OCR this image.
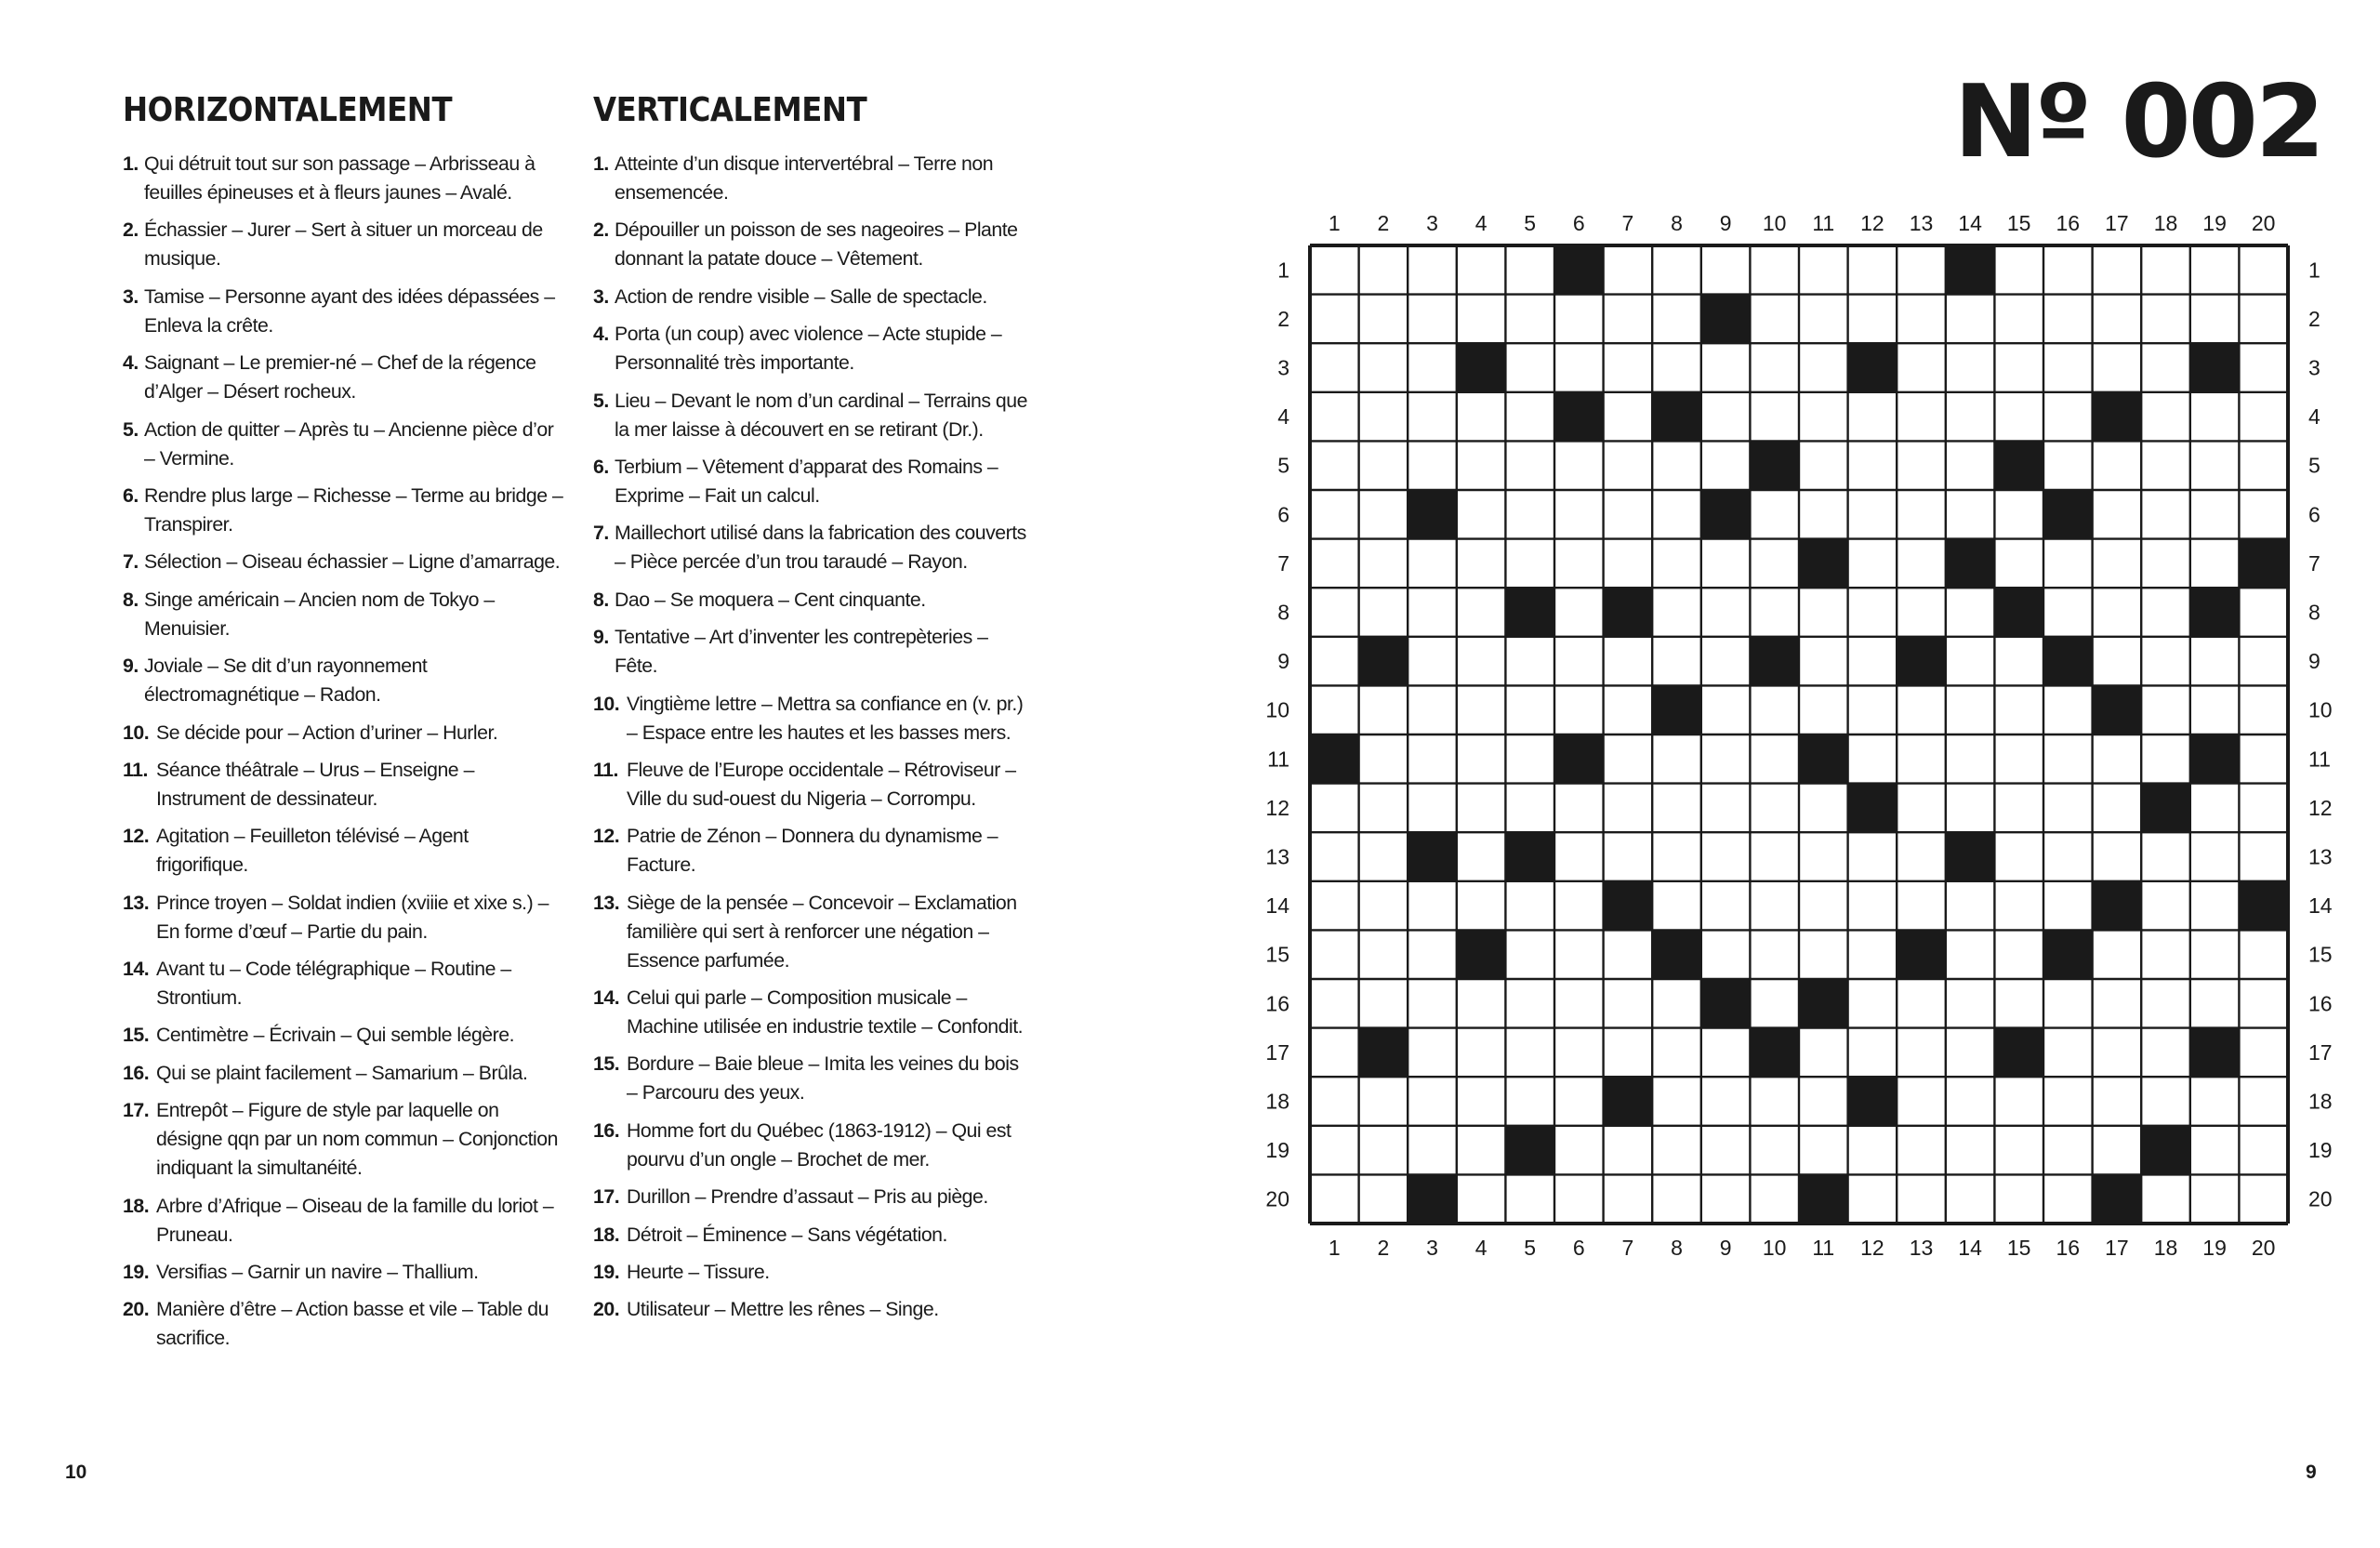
HORIZONTALEMENT
1. Qui détruit tout sur son passage – Arbrisseau à feuilles épineuses et à fleurs jaunes – Avalé.
2. Échassier – Jurer – Sert à situer un morceau de musique.
3. Tamise – Personne ayant des idées dépassées – Enleva la crête.
4. Saignant – Le premier-né – Chef de la régence d’Alger – Désert rocheux.
5. Action de quitter – Après tu – Ancienne pièce d’or – Vermine.
6. Rendre plus large – Richesse – Terme au bridge – Transpirer.
7. Sélection – Oiseau échassier – Ligne d’amarrage.
8. Singe américain – Ancien nom de Tokyo – Menuisier.
9. Joviale – Se dit d’un rayonnement électromagnétique – Radon.
10. Se décide pour – Action d’uriner – Hurler.
11. Séance théâtrale – Urus – Enseigne – Instrument de dessinateur.
12. Agitation – Feuilleton télévisé – Agent frigorifique.
13. Prince troyen – Soldat indien (xviiie et xixe s.) – En forme d’œuf – Partie du pain.
14. Avant tu – Code télégraphique – Routine – Strontium.
15. Centimètre – Écrivain – Qui semble légère.
16. Qui se plaint facilement – Samarium – Brûla.
17. Entrepôt – Figure de style par laquelle on désigne qqn par un nom commun – Conjonction indiquant la simultanéité.
18. Arbre d’Afrique – Oiseau de la famille du loriot – Pruneau.
19. Versifias – Garnir un navire – Thallium.
20. Manière d’être – Action basse et vile – Table du sacrifice.
VERTICALEMENT
1. Atteinte d’un disque intervertébral – Terre non ensemencée.
2. Dépouiller un poisson de ses nageoires – Plante donnant la patate douce – Vêtement.
3. Action de rendre visible – Salle de spectacle.
4. Porta (un coup) avec violence – Acte stupide – Personnalité très importante.
5. Lieu – Devant le nom d’un cardinal – Terrains que la mer laisse à découvert en se retirant (Dr.).
6. Terbium – Vêtement d’apparat des Romains – Exprime – Fait un calcul.
7. Maillechort utilisé dans la fabrication des couverts – Pièce percée d’un trou taraudé – Rayon.
8. Dao – Se moquera – Cent cinquante.
9. Tentative – Art d’inventer les contrepèteries – Fête.
10. Vingtième lettre – Mettra sa confiance en (v. pr.) – Espace entre les hautes et les basses mers.
11. Fleuve de l’Europe occidentale – Rétroviseur – Ville du sud-ouest du Nigeria – Corrompu.
12. Patrie de Zénon – Donnera du dynamisme – Facture.
13. Siège de la pensée – Concevoir – Exclamation familière qui sert à renforcer une négation – Essence parfumée.
14. Celui qui parle – Composition musicale – Machine utilisée en industrie textile – Confondit.
15. Bordure – Baie bleue – Imita les veines du bois – Parcouru des yeux.
16. Homme fort du Québec (1863-1912) – Qui est pourvu d’un ongle – Brochet de mer.
17. Durillon – Prendre d’assaut – Pris au piège.
18. Détroit – Éminence – Sans végétation.
19. Heurte – Tissure.
20. Utilisateur – Mettre les rênes – Singe.
Nº 002
1
1
2
2
3
3
4
4
5
5
6
6
7
7
8
8
9
9
10
10
11
11
12
12
13
13
14
14
15
15
16
16
17
17
18
18
19
19
20
20
1	1
2	2
3	3
4	4
5	5
6	6
7	7
8	8
9	9
10	10
11	11
12	12
13	13
14	14
15	15
16	16
17	17
18	18
19	19
20	20
10	9
